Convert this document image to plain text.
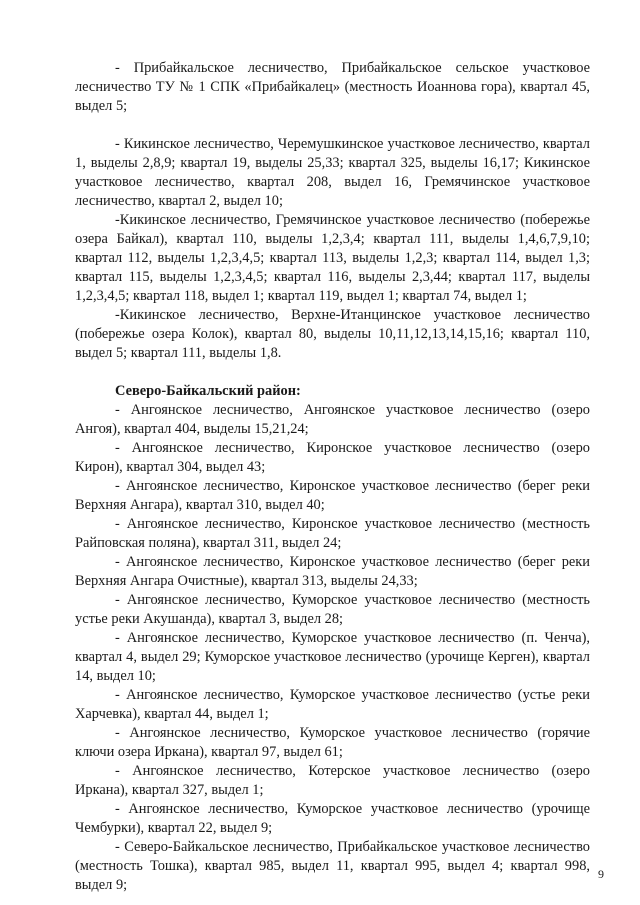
- Прибайкальское лесничество, Прибайкальское сельское участковое лесничество ТУ № 1 СПК «Прибайкалец» (местность Иоаннова гора), квартал 45, выдел 5;

- Кикинское лесничество, Черемушкинское участковое лесничество, квартал 1, выделы 2,8,9; квартал 19, выделы 25,33; квартал 325, выделы 16,17; Кикинское участковое лесничество, квартал 208, выдел 16, Гремячинское участковое лесничество, квартал 2, выдел 10;

-Кикинское лесничество, Гремячинское участковое лесничество (побережье озера Байкал), квартал 110, выделы 1,2,3,4; квартал 111, выделы 1,4,6,7,9,10; квартал 112, выделы 1,2,3,4,5; квартал 113, выделы 1,2,3; квартал 114, выдел 1,3; квартал 115, выделы 1,2,3,4,5; квартал 116, выделы 2,3,44; квартал 117, выделы 1,2,3,4,5; квартал 118, выдел 1; квартал 119, выдел 1; квартал 74, выдел 1;

-Кикинское лесничество, Верхне-Итанцинское участковое лесничество (побережье озера Колок), квартал 80, выделы 10,11,12,13,14,15,16; квартал 110, выдел 5; квартал 111, выделы 1,8.

Северо-Байкальский район:

- Ангоянское лесничество, Ангоянское участковое лесничество (озеро Ангоя), квартал 404, выделы 15,21,24;

- Ангоянское лесничество, Киронское участковое лесничество (озеро Кирон), квартал 304, выдел 43;

- Ангоянское лесничество, Киронское участковое лесничество (берег реки Верхняя Ангара), квартал 310, выдел 40;

- Ангоянское лесничество, Киронское участковое лесничество (местность Райповская поляна), квартал 311, выдел 24;

- Ангоянское лесничество, Киронское участковое лесничество (берег реки Верхняя Ангара Очистные), квартал 313, выделы 24,33;

- Ангоянское лесничество, Куморское участковое лесничество (местность устье реки Акушанда), квартал 3, выдел 28;

- Ангоянское лесничество, Куморское участковое лесничество (п. Ченча), квартал 4, выдел 29; Куморское участковое лесничество (урочище Керген), квартал 14, выдел 10;

- Ангоянское лесничество, Куморское участковое лесничество (устье реки Харчевка), квартал 44, выдел 1;

- Ангоянское лесничество, Куморское участковое лесничество (горячие ключи озера Иркана), квартал 97, выдел 61;

- Ангоянское лесничество, Котерское участковое лесничество (озеро Иркана), квартал 327, выдел 1;

- Ангоянское лесничество, Куморское участковое лесничество (урочище Чембурки), квартал 22, выдел 9;

- Северо-Байкальское лесничество, Прибайкальское участковое лесничество (местность Тошка), квартал 985, выдел 11, квартал 995, выдел 4; квартал 998, выдел 9;

9
